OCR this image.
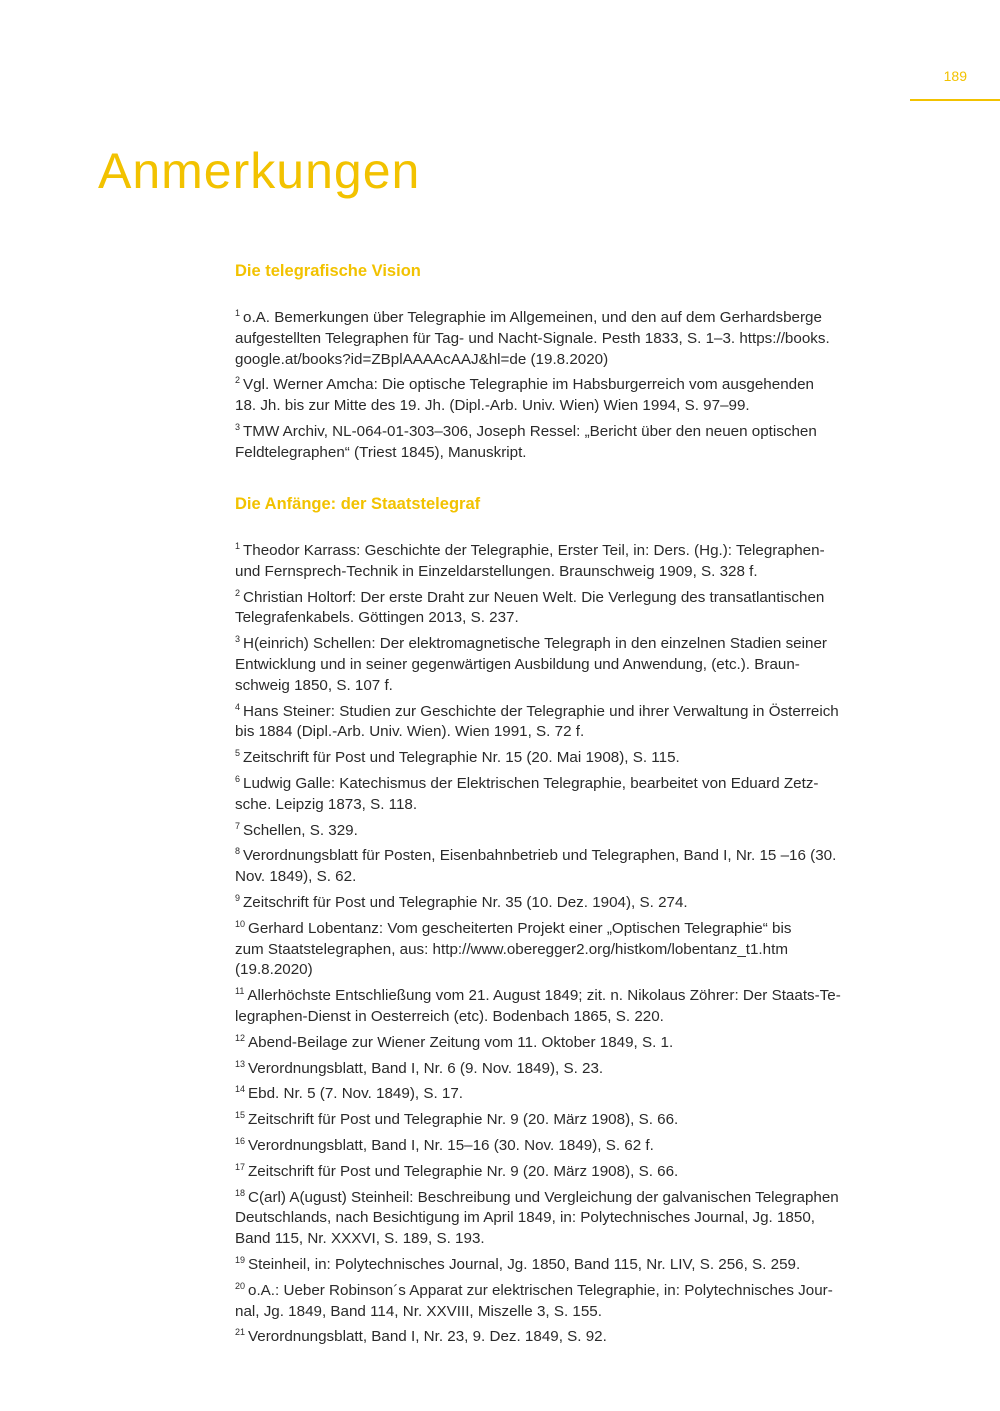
189
Anmerkungen
Die telegrafische Vision
$^1$ o.A. Bemerkungen über Telegraphie im Allgemeinen, und den auf dem Gerhardsberge
aufgestellten Telegraphen für Tag- und Nacht-Signale. Pesth 1833, S. 1–3. https://books.
google.at/books?id=ZBplAAAAcAAJ&hl=de (19.8.2020)
$^2$ Vgl. Werner Amcha: Die optische Telegraphie im Habsburgerreich vom ausgehenden
18. Jh. bis zur Mitte des 19. Jh. (Dipl.-Arb. Univ. Wien) Wien 1994, S. 97–99.
$^3$ TMW Archiv, NL-064-01-303–306, Joseph Ressel: „Bericht über den neuen optischen
Feldtelegraphen“ (Triest 1845), Manuskript.
Die Anfänge: der Staatstelegraf
$^1$ Theodor Karrass: Geschichte der Telegraphie, Erster Teil, in: Ders. (Hg.): Telegraphen-
und Fernsprech-Technik in Einzeldarstellungen. Braunschweig 1909, S. 328 f.
$^2$ Christian Holtorf: Der erste Draht zur Neuen Welt. Die Verlegung des transatlantischen
Telegrafenkabels. Göttingen 2013, S. 237.
$^3$ H(einrich) Schellen: Der elektromagnetische Telegraph in den einzelnen Stadien seiner
Entwicklung und in seiner gegenwärtigen Ausbildung und Anwendung, (etc.). Braun-
schweig 1850, S. 107 f.
$^4$ Hans Steiner: Studien zur Geschichte der Telegraphie und ihrer Verwaltung in Österreich
bis 1884 (Dipl.-Arb. Univ. Wien). Wien 1991, S. 72 f.
$^5$ Zeitschrift für Post und Telegraphie Nr. 15 (20. Mai 1908), S. 115.
$^6$ Ludwig Galle: Katechismus der Elektrischen Telegraphie, bearbeitet von Eduard Zetz-
sche. Leipzig 1873, S. 118.
$^7$ Schellen, S. 329.
$^8$ Verordnungsblatt für Posten, Eisenbahnbetrieb und Telegraphen, Band I, Nr. 15 –16 (30.
Nov. 1849), S. 62.
$^9$ Zeitschrift für Post und Telegraphie Nr. 35 (10. Dez. 1904), S. 274.
$^{10}$ Gerhard Lobentanz: Vom gescheiterten Projekt einer „Optischen Telegraphie“ bis
zum Staatstelegraphen, aus: http://www.oberegger2.org/histkom/lobentanz_t1.htm
(19.8.2020)
$^{11}$ Allerhöchste Entschließung vom 21. August 1849; zit. n. Nikolaus Zöhrer: Der Staats-Te-
legraphen-Dienst in Oesterreich (etc). Bodenbach 1865, S. 220.
$^{12}$ Abend-Beilage zur Wiener Zeitung vom 11. Oktober 1849, S. 1.
$^{13}$ Verordnungsblatt, Band I, Nr. 6 (9. Nov. 1849), S. 23.
$^{14}$ Ebd. Nr. 5 (7. Nov. 1849), S. 17.
$^{15}$ Zeitschrift für Post und Telegraphie Nr. 9 (20. März 1908), S. 66.
$^{16}$ Verordnungsblatt, Band I, Nr. 15–16 (30. Nov. 1849), S. 62 f.
$^{17}$ Zeitschrift für Post und Telegraphie Nr. 9 (20. März 1908), S. 66.
$^{18}$ C(arl) A(ugust) Steinheil: Beschreibung und Vergleichung der galvanischen Telegraphen
Deutschlands, nach Besichtigung im April 1849, in: Polytechnisches Journal, Jg. 1850,
Band 115, Nr. XXXVI, S. 189, S. 193.
$^{19}$ Steinheil, in: Polytechnisches Journal, Jg. 1850, Band 115, Nr. LIV, S. 256, S. 259.
$^{20}$ o.A.: Ueber Robinson´s Apparat zur elektrischen Telegraphie, in: Polytechnisches Jour-
nal, Jg. 1849, Band 114, Nr. XXVIII, Miszelle 3, S. 155.
$^{21}$ Verordnungsblatt, Band I, Nr. 23, 9. Dez. 1849, S. 92.
